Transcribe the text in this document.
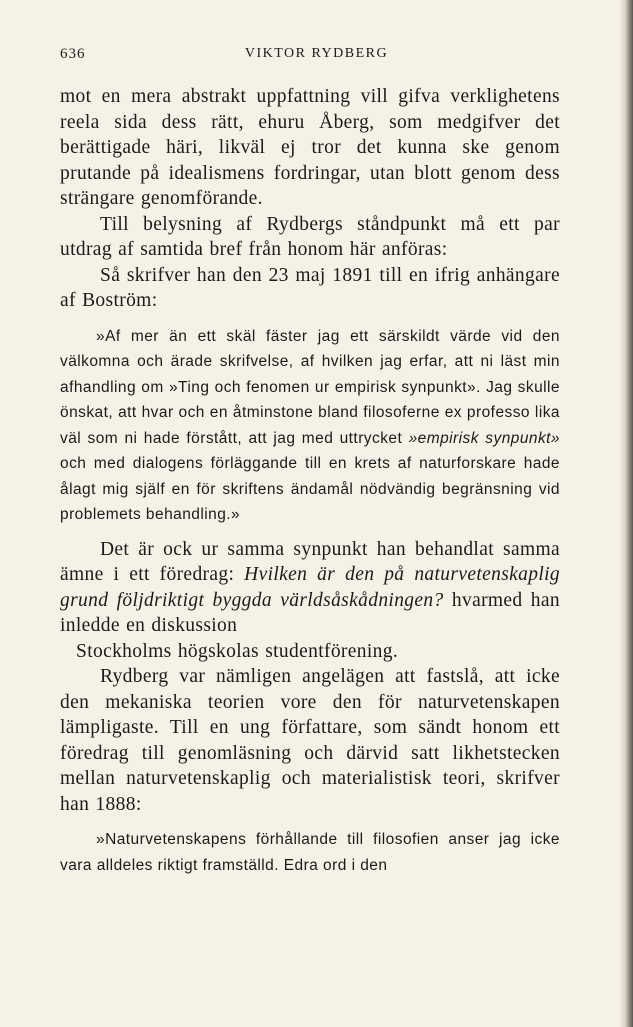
636	VIKTOR RYDBERG

mot en mera abstrakt uppfattning vill gifva verklighetens reela sida dess rätt, ehuru Åberg, som medgifver det berättigade häri, likväl ej tror det kunna ske genom prutande på idealismens fordringar, utan blott genom dess strängare genomförande.

Till belysning af Rydbergs ståndpunkt må ett par utdrag af samtida bref från honom här anföras:

Så skrifver han den 23 maj 1891 till en ifrig anhängare af Boström:

»Af mer än ett skäl fäster jag ett särskildt värde vid den välkomna och ärade skrifvelse, af hvilken jag erfar, att ni läst min afhandling om »Ting och fenomen ur empirisk synpunkt». Jag skulle önskat, att hvar och en åtminstone bland filosoferne ex professo lika väl som ni hade förstått, att jag med uttrycket »empirisk synpunkt» och med dialogens förläggande till en krets af naturforskare hade ålagt mig själf en för skriftens ändamål nödvändig begränsning vid problemets behandling.»

Det är ock ur samma synpunkt han behandlat samma ämne i ett föredrag: Hvilken är den på naturvetenskaplig grund följdriktigt byggda världsåskådningen? hvarmed han inledde en diskussion

Stockholms högskolas studentförening.

Rydberg var nämligen angelägen att fastslå, att icke den mekaniska teorien vore den för naturvetenskapen lämpligaste. Till en ung författare, som sändt honom ett föredrag till genomläsning och därvid satt likhetstecken mellan naturvetenskaplig och materialistisk teori, skrifver han 1888:

»Naturvetenskapens förhållande till filosofien anser jag icke vara alldeles riktigt framställd. Edra ord i den
